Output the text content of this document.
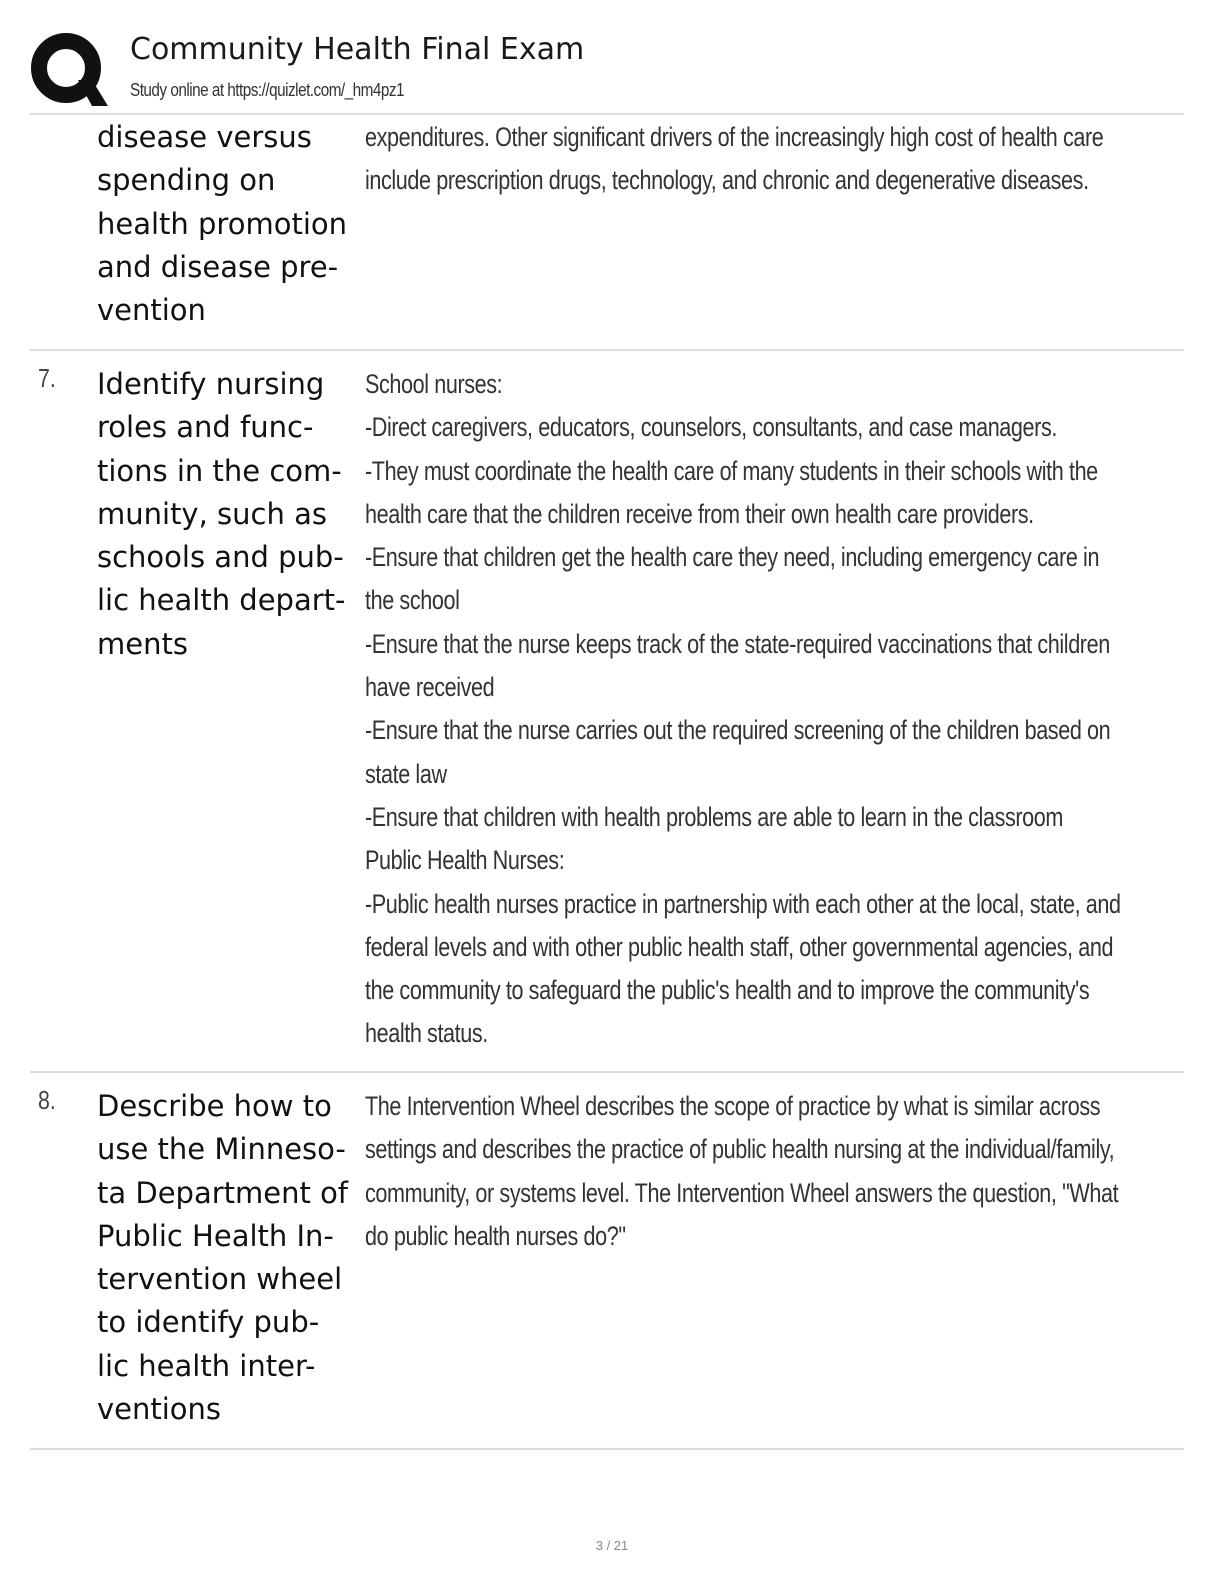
Community Health Final Exam
Study online at https://quizlet.com/_hm4pz1
disease versus
spending on
health promotion
and disease pre-
vention
expenditures. Other significant drivers of the increasingly high cost of health care
include prescription drugs, technology, and chronic and degenerative diseases.
7. Identify nursing
roles and func-
tions in the com-
munity, such as
schools and pub-
lic health depart-
ments
School nurses:
-Direct caregivers, educators, counselors, consultants, and case managers.
-They must coordinate the health care of many students in their schools with the
health care that the children receive from their own health care providers.
-Ensure that children get the health care they need, including emergency care in
the school
-Ensure that the nurse keeps track of the state-required vaccinations that children
have received
-Ensure that the nurse carries out the required screening of the children based on
state law
-Ensure that children with health problems are able to learn in the classroom
Public Health Nurses:
-Public health nurses practice in partnership with each other at the local, state, and
federal levels and with other public health staff, other governmental agencies, and
the community to safeguard the public's health and to improve the community's
health status.
8. Describe how to
use the Minneso-
ta Department of
Public Health In-
tervention wheel
to identify pub-
lic health inter-
ventions
The Intervention Wheel describes the scope of practice by what is similar across
settings and describes the practice of public health nursing at the individual/family,
community, or systems level. The Intervention Wheel answers the question, "What
do public health nurses do?"
3 / 21
